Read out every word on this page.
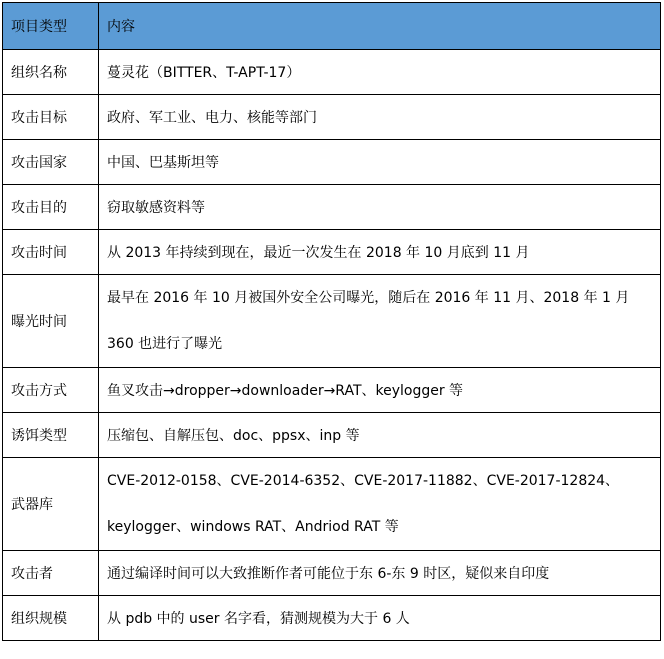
项目类型	内容
组织名称	蔓灵花（BITTER、T-APT-17）
攻击目标	政府、军工业、电力、核能等部门
攻击国家	中国、巴基斯坦等
攻击目的	窃取敏感资料等
攻击时间	从 2013 年持续到现在，最近一次发生在 2018 年 10 月底到 11 月
曝光时间	最早在 2016 年 10 月被国外安全公司曝光，随后在 2016 年 11 月、2018 年 1 月 360 也进行了曝光
攻击方式	鱼叉攻击→dropper→downloader→RAT、keylogger 等
诱饵类型	压缩包、自解压包、doc、ppsx、inp 等
武器库	CVE-2012-0158、CVE-2014-6352、CVE-2017-11882、CVE-2017-12824、keylogger、windows RAT、Andriod RAT 等
攻击者	通过编译时间可以大致推断作者可能位于东 6-东 9 时区，疑似来自印度
组织规模	从 pdb 中的 user 名字看，猜测规模为大于 6 人
